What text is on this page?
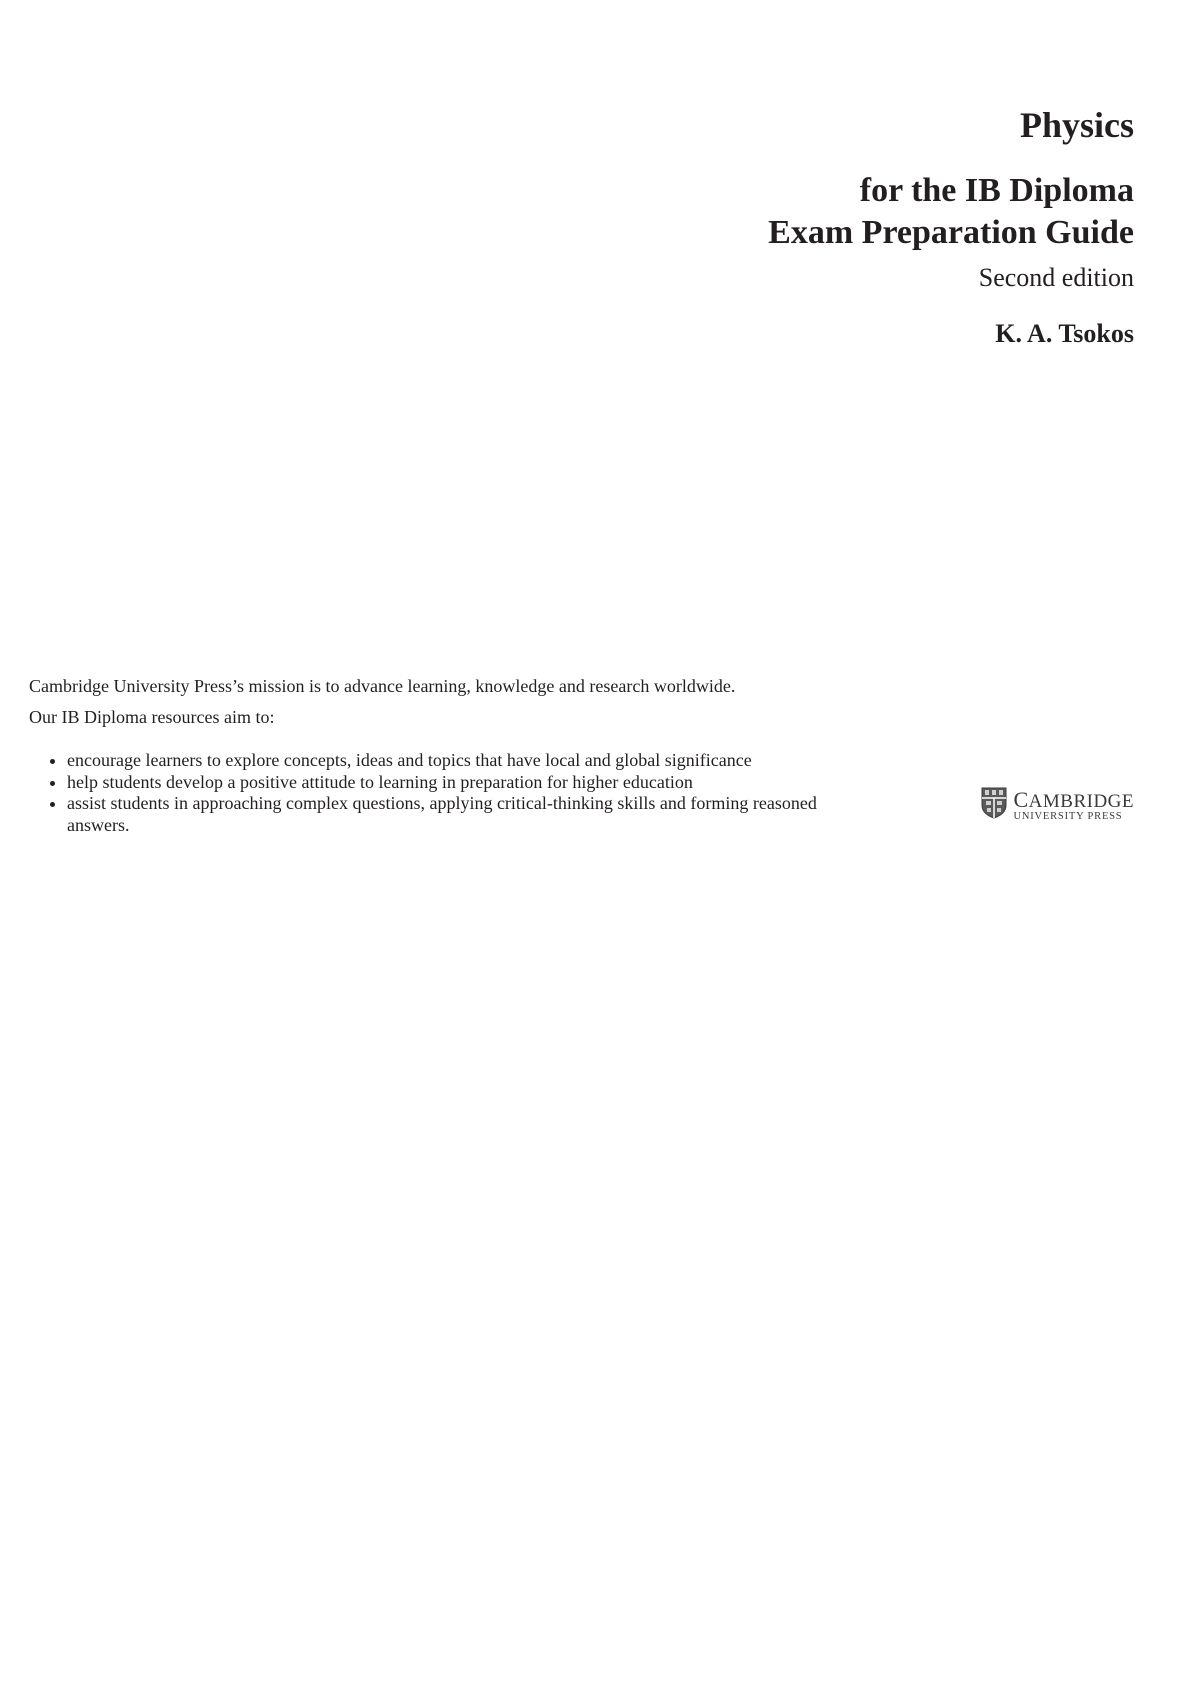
Physics
for the IB Diploma
Exam Preparation Guide
Second edition
K. A. Tsokos

Cambridge University Press’s mission is to advance learning, knowledge and research worldwide.

Our IB Diploma resources aim to:

• encourage learners to explore concepts, ideas and topics that have local and global significance
• help students develop a positive attitude to learning in preparation for higher education
• assist students in approaching complex questions, applying critical-thinking skills and forming reasoned answers.
CAMBRIDGE
UNIVERSITY PRESS
